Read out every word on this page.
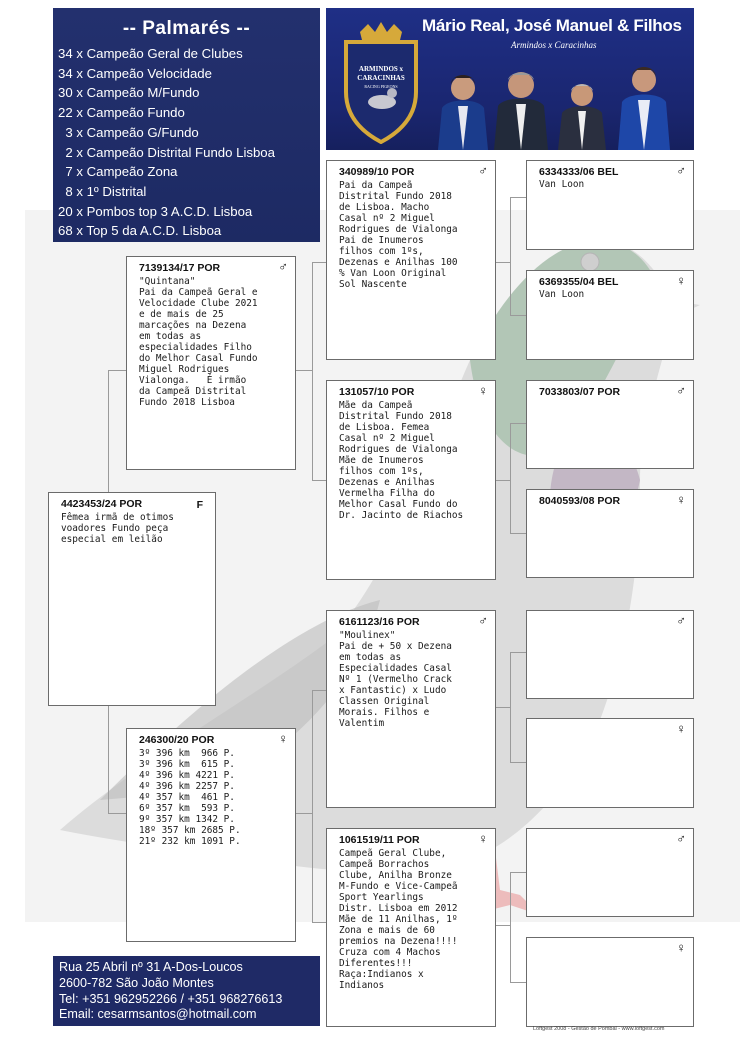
-- Palmarés --
34 x Campeão Geral de Clubes
34 x Campeão Velocidade
30 x Campeão M/Fundo
22 x Campeão Fundo
3 x Campeão G/Fundo
2 x Campeão Distrital Fundo Lisboa
7 x Campeão Zona
8 x 1º Distrital
20 x Pombos top 3 A.C.D. Lisboa
68 x Top 5 da A.C.D. Lisboa
Mário Real, José Manuel & Filhos
Armindos x Caracinhas
ARMINDOS x
CARACINHAS
RACING PIGEONS
4423453/24 POR	F
Fêmea irmã de otimos
voadores Fundo peça
especial em leilão
7139134/17 POR	♂
"Quintana"
Pai da Campeã Geral e
Velocidade Clube 2021
e de mais de 25
marcações na Dezena
em todas as
especialidades Filho
do Melhor Casal Fundo
Miguel Rodrigues
Vialonga.   É irmão
da Campeã Distrital
Fundo 2018 Lisboa
246300/20 POR	♀
3º 396 km  966 P.
3º 396 km  615 P.
4º 396 km 4221 P.
4º 396 km 2257 P.
4º 357 km  461 P.
6º 357 km  593 P.
9º 357 km 1342 P.
18º 357 km 2685 P.
21º 232 km 1091 P.
340989/10 POR	♂
Pai da Campeã
Distrital Fundo 2018
de Lisboa. Macho
Casal nº 2 Miguel
Rodrigues de Vialonga
Pai de Inumeros
filhos com 1ºs,
Dezenas e Anilhas 100
% Van Loon Original
Sol Nascente
131057/10 POR	♀
Mãe da Campeã
Distrital Fundo 2018
de Lisboa. Femea
Casal nº 2 Miguel
Rodrigues de Vialonga
Mãe de Inumeros
filhos com 1ºs,
Dezenas e Anilhas
Vermelha Filha do
Melhor Casal Fundo do
Dr. Jacinto de Riachos
6161123/16 POR	♂
"Moulinex"
Pai de + 50 x Dezena
em todas as
Especialidades Casal
Nº 1 (Vermelho Crack
x Fantastic) x Ludo
Classen Original
Morais. Filhos e
Valentim
1061519/11 POR	♀
Campeã Geral Clube,
Campeã Borrachos
Clube, Anilha Bronze
M-Fundo e Vice-Campeã
Sport Yearlings
Distr. Lisboa em 2012
Mãe de 11 Anilhas, 1º
Zona e mais de 60
premios na Dezena!!!!
Cruza com 4 Machos
Diferentes!!!
Raça:Indianos x
Indianos
6334333/06 BEL	♂
Van Loon
6369355/04 BEL	♀
Van Loon
7033803/07 POR	♂
8040593/08 POR	♀
♂
♀
♂
♀
Rua 25 Abril nº 31 A-Dos-Loucos
2600-782 São João Montes
Tel: +351 962952266 / +351 968276613
Email: cesarmsantos@hotmail.com
Loftgest 2008 - Gestão de Pombal - www.loftgest.com
